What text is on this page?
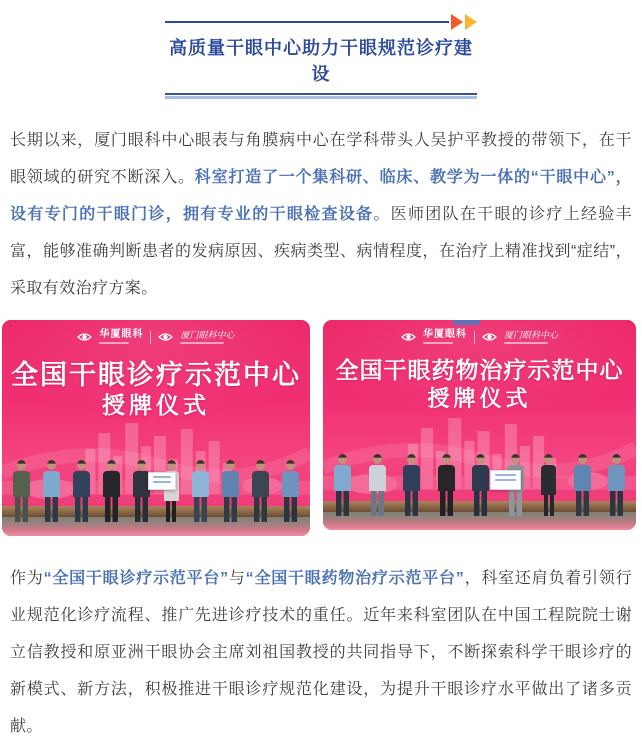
高质量干眼中心助力干眼规范诊疗建设

长期以来，厦门眼科中心眼表与角膜病中心在学科带头人吴护平教授的带领下，在干眼领域的研究不断深入。科室打造了一个集科研、临床、教学为一体的“干眼中心”，设有专门的干眼门诊，拥有专业的干眼检查设备。医师团队在干眼的诊疗上经验丰富，能够准确判断患者的发病原因、疾病类型、病情程度，在治疗上精准找到“症结”，采取有效治疗方案。

华厦眼科	厦门眼科中心
全国干眼诊疗示范中心
授牌仪式
华厦眼科	厦门眼科中心
全国干眼药物治疗示范中心
授牌仪式

作为“全国干眼诊疗示范平台”与“全国干眼药物治疗示范平台”，科室还肩负着引领行业规范化诊疗流程、推广先进诊疗技术的重任。近年来科室团队在中国工程院院士谢立信教授和原亚洲干眼协会主席刘祖国教授的共同指导下，不断探索科学干眼诊疗的新模式、新方法，积极推进干眼诊疗规范化建设，为提升干眼诊疗水平做出了诸多贡献。
